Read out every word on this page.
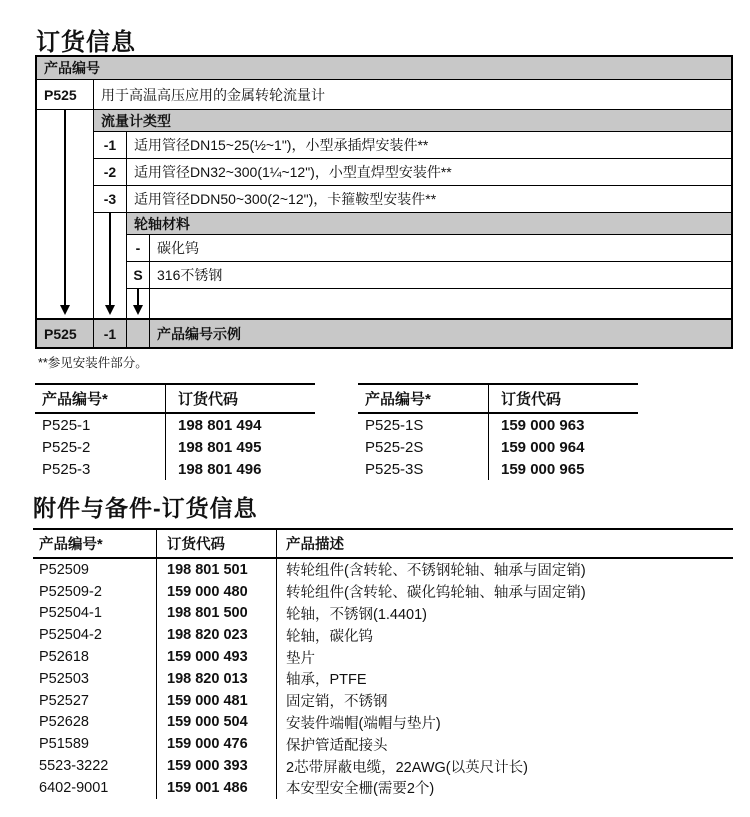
订货信息
产品编号
P525	用于高温高压应用的金属转轮流量计
流量计类型
-1	适用管径DN15~25(½~1")，小型承插焊安装件**
-2	适用管径DN32~300(1¼~12")，小型直焊型安装件**
-3	适用管径DDN50~300(2~12")，卡箍鞍型安装件**
轮轴材料
-	碳化钨
S	316不锈钢
P525	-1	产品编号示例
**参见安装件部分。
产品编号*	订货代码
P525-1	198 801 494
P525-2	198 801 495
P525-3	198 801 496
产品编号*	订货代码
P525-1S	159 000 963
P525-2S	159 000 964
P525-3S	159 000 965
附件与备件-订货信息
产品编号*	订货代码	产品描述
P52509	198 801 501	转轮组件(含转轮、不锈钢轮轴、轴承与固定销)
P52509-2	159 000 480	转轮组件(含转轮、碳化钨轮轴、轴承与固定销)
P52504-1	198 801 500	轮轴，不锈钢(1.4401)
P52504-2	198 820 023	轮轴，碳化钨
P52618	159 000 493	垫片
P52503	198 820 013	轴承，PTFE
P52527	159 000 481	固定销，不锈钢
P52628	159 000 504	安装件端帽(端帽与垫片)
P51589	159 000 476	保护管适配接头
5523-3222	159 000 393	2芯带屏蔽电缆，22AWG(以英尺计长)
6402-9001	159 001 486	本安型安全栅(需要2个)
